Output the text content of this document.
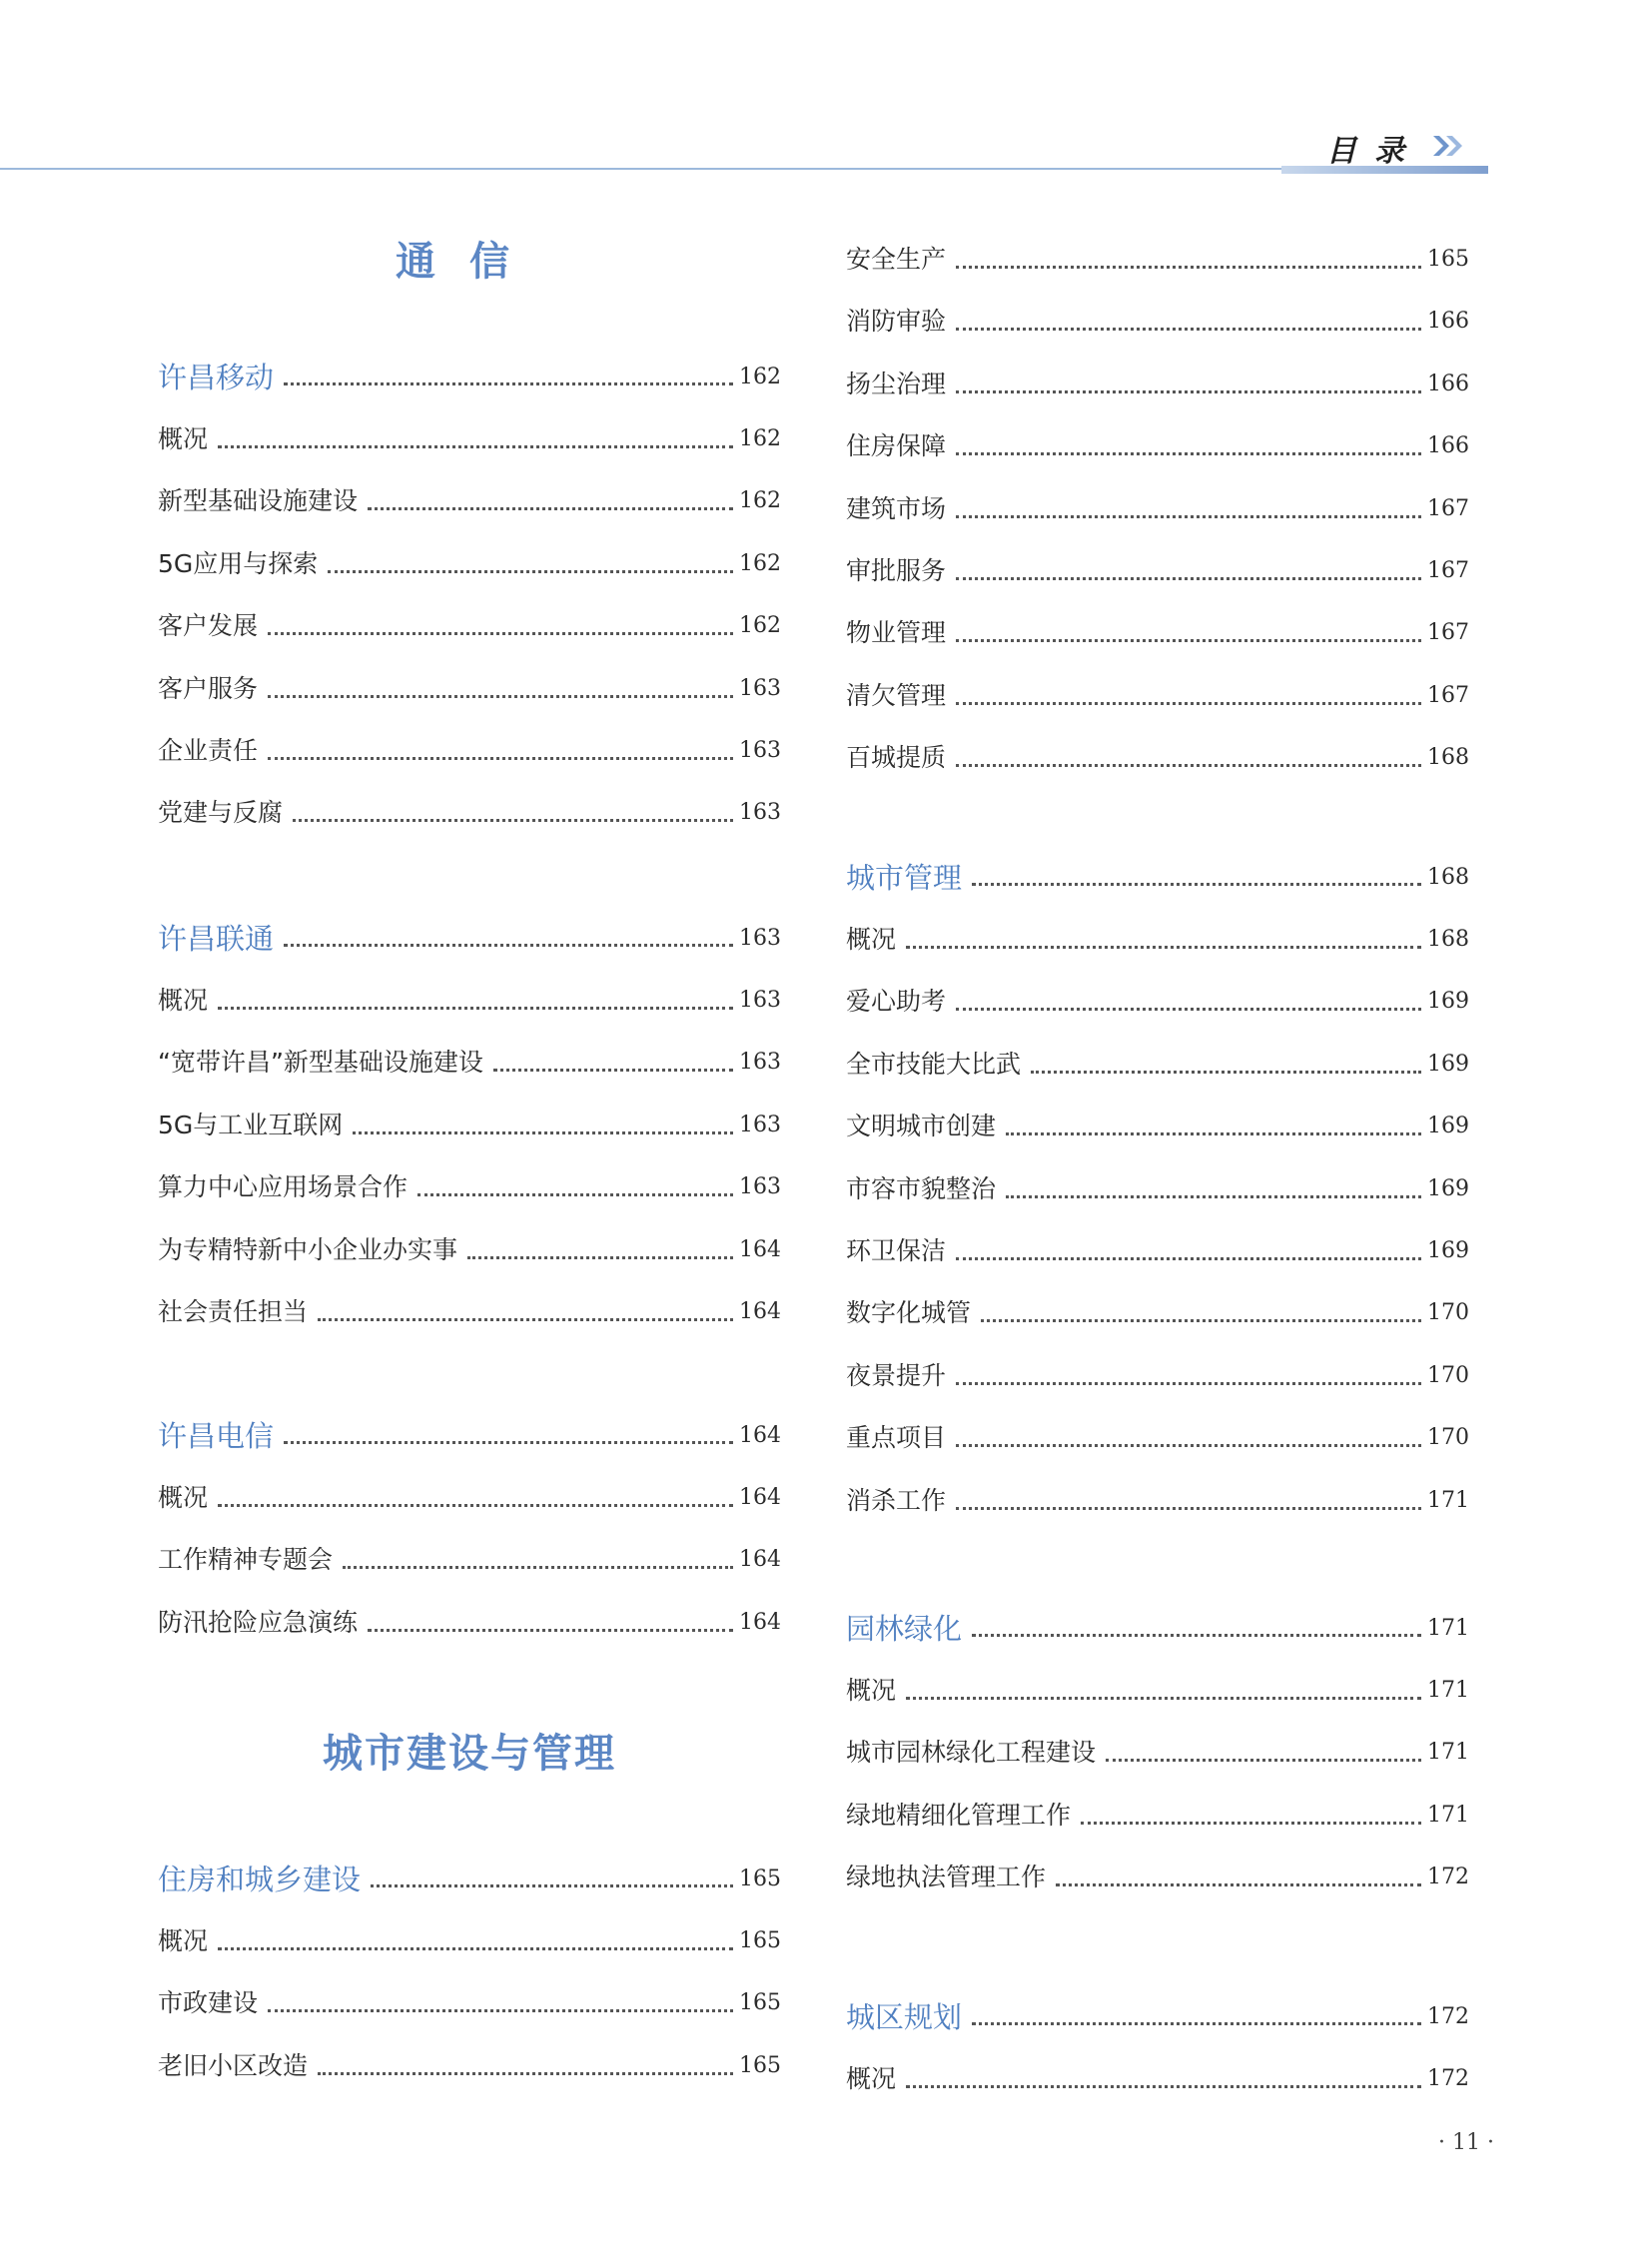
目录
通信
许昌移动	162
概况	162
新型基础设施建设	162
5G应用与探索	162
客户发展	162
客户服务	163
企业责任	163
党建与反腐	163
许昌联通	163
概况	163
“宽带许昌”新型基础设施建设	163
5G与工业互联网	163
算力中心应用场景合作	163
为专精特新中小企业办实事	164
社会责任担当	164
许昌电信	164
概况	164
工作精神专题会	164
防汛抢险应急演练	164
城市建设与管理
住房和城乡建设	165
概况	165
市政建设	165
老旧小区改造	165
安全生产	165
消防审验	166
扬尘治理	166
住房保障	166
建筑市场	167
审批服务	167
物业管理	167
清欠管理	167
百城提质	168
城市管理	168
概况	168
爱心助考	169
全市技能大比武	169
文明城市创建	169
市容市貌整治	169
环卫保洁	169
数字化城管	170
夜景提升	170
重点项目	170
消杀工作	171
园林绿化	171
概况	171
城市园林绿化工程建设	171
绿地精细化管理工作	171
绿地执法管理工作	172
城区规划	172
概况	172
· 11 ·
